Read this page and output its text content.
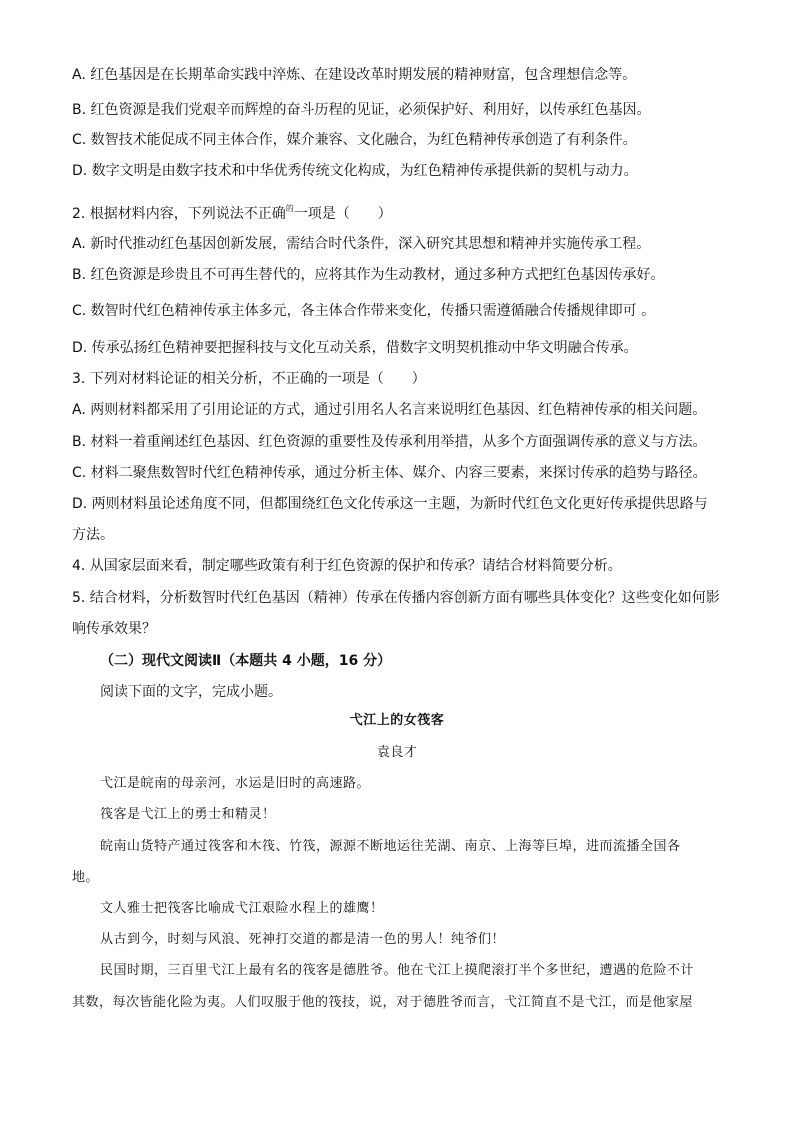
A. 红色基因是在长期革命实践中淬炼、在建设改革时期发展的精神财富，包含理想信念等。
B. 红色资源是我们党艰辛而辉煌的奋斗历程的见证，必须保护好、利用好，以传承红色基因。
C. 数智技术能促成不同主体合作，媒介兼容、文化融合，为红色精神传承创造了有利条件。
D. 数字文明是由数字技术和中华优秀传统文化构成，为红色精神传承提供新的契机与动力。
2. 根据材料内容，下列说法不正确$^的$一项是（　　）
A. 新时代推动红色基因创新发展，需结合时代条件，深入研究其思想和精神并实施传承工程。
B. 红色资源是珍贵且不可再生替代的，应将其作为生动教材，通过多种方式把红色基因传承好。
C. 数智时代红色精神传承主体多元，各主体合作带来变化，传播只需遵循融合传播规律即可 。
D. 传承弘扬红色精神要把握科技与文化互动关系，借数字文明契机推动中华文明融合传承。
3. 下列对材料论证的相关分析，不正确的一项是（　　）
A. 两则材料都采用了引用论证的方式，通过引用名人名言来说明红色基因、红色精神传承的相关问题。
B. 材料一着重阐述红色基因、红色资源的重要性及传承利用举措，从多个方面强调传承的意义与方法。
C. 材料二聚焦数智时代红色精神传承，通过分析主体、媒介、内容三要素，来探讨传承的趋势与路径。
D. 两则材料虽论述角度不同，但都围绕红色文化传承这一主题，为新时代红色文化更好传承提供思路与
方法。
4. 从国家层面来看，制定哪些政策有利于红色资源的保护和传承？请结合材料简要分析。
5. 结合材料，分析数智时代红色基因（精神）传承在传播内容创新方面有哪些具体变化？这些变化如何影
响传承效果？
（二）现代文阅读Ⅱ（本题共 4 小题，16 分）
阅读下面的文字，完成小题。
弋江上的女筏客
袁良才
弋江是皖南的母亲河，水运是旧时的高速路。
筏客是弋江上的勇士和精灵！
皖南山货特产通过筏客和木筏、竹筏，源源不断地运往芜湖、南京、上海等巨埠，进而流播全国各
地。
文人雅士把筏客比喻成弋江艰险水程上的雄鹰！
从古到今，时刻与风浪、死神打交道的都是清一色的男人！纯爷们！
民国时期，三百里弋江上最有名的筏客是德胜爷。他在弋江上摸爬滚打半个多世纪，遭遇的危险不计
其数，每次皆能化险为夷。人们叹服于他的筏技，说，对于德胜爷而言，弋江简直不是弋江，而是他家屋
